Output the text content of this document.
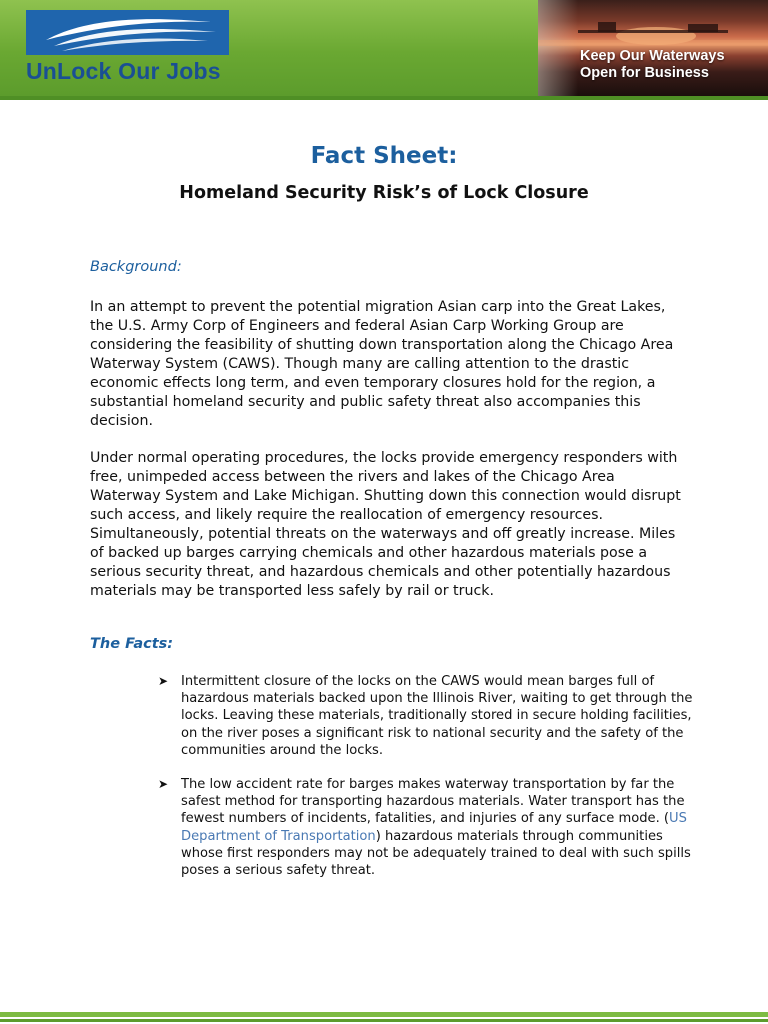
UnLock Our Jobs
Keep Our Waterways
Open for Business
Fact Sheet:
Homeland Security Risk’s of Lock Closure
Background:

In an attempt to prevent the potential migration Asian carp into the Great Lakes, the U.S. Army Corp of Engineers and federal Asian Carp Working Group are considering the feasibility of shutting down transportation along the Chicago Area Waterway System (CAWS). Though many are calling attention to the drastic economic effects long term, and even temporary closures hold for the region, a substantial homeland security and public safety threat also accompanies this decision.

Under normal operating procedures, the locks provide emergency responders with free, unimpeded access between the rivers and lakes of the Chicago Area Waterway System and Lake Michigan. Shutting down this connection would disrupt such access, and likely require the reallocation of emergency resources. Simultaneously, potential threats on the waterways and off greatly increase. Miles of backed up barges carrying chemicals and other hazardous materials pose a serious security threat, and hazardous chemicals and other potentially hazardous materials may be transported less safely by rail or truck.

The Facts:
➤ Intermittent closure of the locks on the CAWS would mean barges full of hazardous materials backed upon the Illinois River, waiting to get through the locks. Leaving these materials, traditionally stored in secure holding facilities, on the river poses a significant risk to national security and the safety of the communities around the locks.
➤ The low accident rate for barges makes waterway transportation by far the safest method for transporting hazardous materials. Water transport has the fewest numbers of incidents, fatalities, and injuries of any surface mode. (US Department of Transportation) hazardous materials through communities whose first responders may not be adequately trained to deal with such spills poses a serious safety threat.
